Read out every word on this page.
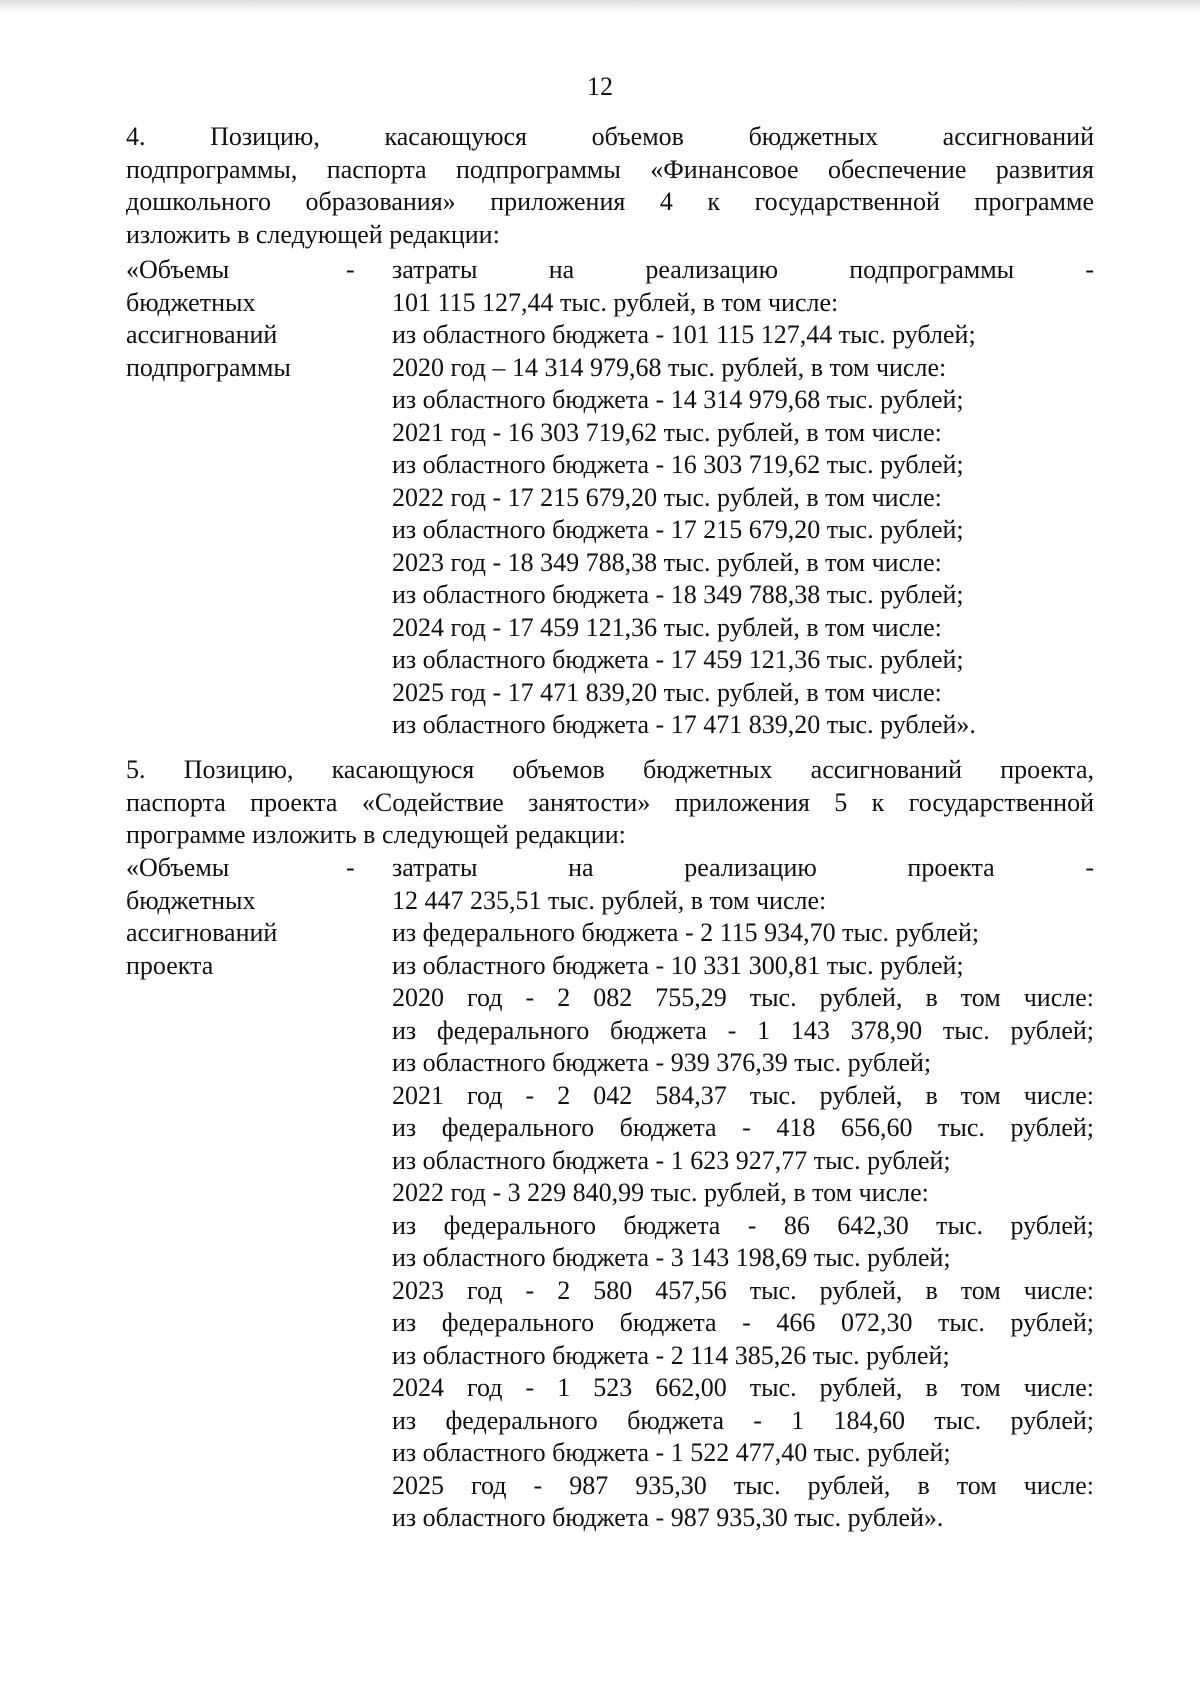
12
4. Позицию, касающуюся объемов бюджетных ассигнований
подпрограммы, паспорта подпрограммы «Финансовое обеспечение развития
дошкольного образования» приложения 4 к государственной программе
изложить в следующей редакции:
«Объемы
бюджетных
ассигнований
подпрограммы
- затраты на реализацию подпрограммы -
101 115 127,44 тыс. рублей, в том числе:
из областного бюджета - 101 115 127,44 тыс. рублей;
2020 год – 14 314 979,68 тыс. рублей, в том числе:
из областного бюджета - 14 314 979,68 тыс. рублей;
2021 год - 16 303 719,62 тыс. рублей, в том числе:
из областного бюджета - 16 303 719,62 тыс. рублей;
2022 год - 17 215 679,20 тыс. рублей, в том числе:
из областного бюджета - 17 215 679,20 тыс. рублей;
2023 год - 18 349 788,38 тыс. рублей, в том числе:
из областного бюджета - 18 349 788,38 тыс. рублей;
2024 год - 17 459 121,36 тыс. рублей, в том числе:
из областного бюджета - 17 459 121,36 тыс. рублей;
2025 год - 17 471 839,20 тыс. рублей, в том числе:
из областного бюджета - 17 471 839,20 тыс. рублей».
5. Позицию, касающуюся объемов бюджетных ассигнований проекта,
паспорта проекта «Содействие занятости» приложения 5 к государственной
программе изложить в следующей редакции:
«Объемы
бюджетных
ассигнований
проекта
- затраты на реализацию проекта -
12 447 235,51 тыс. рублей, в том числе:
из федерального бюджета - 2 115 934,70 тыс. рублей;
из областного бюджета - 10 331 300,81 тыс. рублей;
2020 год - 2 082 755,29 тыс. рублей, в том числе:
из федерального бюджета - 1 143 378,90 тыс. рублей;
из областного бюджета - 939 376,39 тыс. рублей;
2021 год - 2 042 584,37 тыс. рублей, в том числе:
из федерального бюджета - 418 656,60 тыс. рублей;
из областного бюджета - 1 623 927,77 тыс. рублей;
2022 год - 3 229 840,99 тыс. рублей, в том числе:
из федерального бюджета - 86 642,30 тыс. рублей;
из областного бюджета - 3 143 198,69 тыс. рублей;
2023 год - 2 580 457,56 тыс. рублей, в том числе:
из федерального бюджета - 466 072,30 тыс. рублей;
из областного бюджета - 2 114 385,26 тыс. рублей;
2024 год - 1 523 662,00 тыс. рублей, в том числе:
из федерального бюджета - 1 184,60 тыс. рублей;
из областного бюджета - 1 522 477,40 тыс. рублей;
2025 год - 987 935,30 тыс. рублей, в том числе:
из областного бюджета - 987 935,30 тыс. рублей».
